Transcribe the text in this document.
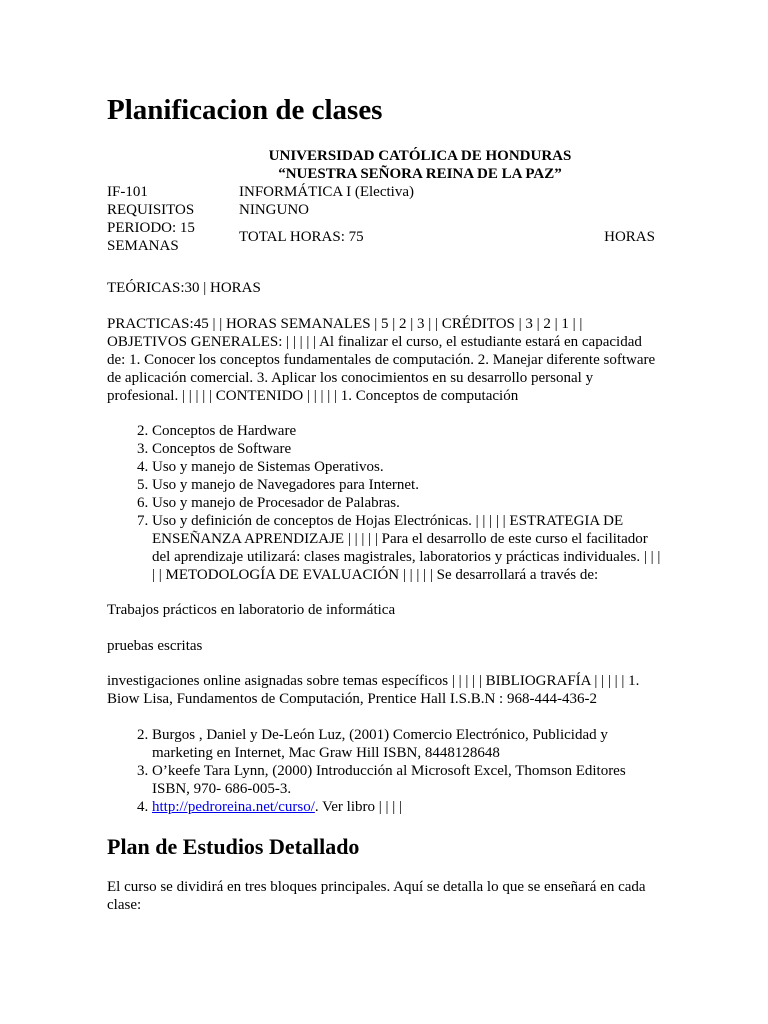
Planificacion de clases
UNIVERSIDAD CATÓLICA DE HONDURAS
“NUESTRA SEÑORA REINA DE LA PAZ”
IF-101	INFORMÁTICA I (Electiva)	
REQUISITOS	NINGUNO	
PERIODO: 15 SEMANAS	TOTAL HORAS: 75	HORAS

TEÓRICAS:30 | HORAS

PRACTICAS:45 | | HORAS SEMANALES | 5 | 2 | 3 | | CRÉDITOS | 3 | 2 | 1 | | OBJETIVOS GENERALES: | | | | | Al finalizar el curso, el estudiante estará en capacidad de: 1. Conocer los conceptos fundamentales de computación. 2. Manejar diferente software de aplicación comercial. 3. Aplicar los conocimientos en su desarrollo personal y profesional. | | | | | CONTENIDO | | | | | 1. Conceptos de computación

2. Conceptos de Hardware
3. Conceptos de Software
4. Uso y manejo de Sistemas Operativos.
5. Uso y manejo de Navegadores para Internet.
6. Uso y manejo de Procesador de Palabras.
7. Uso y definición de conceptos de Hojas Electrónicas. | | | | | ESTRATEGIA DE ENSEÑANZA APRENDIZAJE | | | | | Para el desarrollo de este curso el facilitador del aprendizaje utilizará: clases magistrales, laboratorios y prácticas individuales. | | | | | METODOLOGÍA DE EVALUACIÓN | | | | | Se desarrollará a través de:

Trabajos prácticos en laboratorio de informática

pruebas escritas

investigaciones online asignadas sobre temas específicos | | | | | BIBLIOGRAFÍA | | | | | 1. Biow Lisa, Fundamentos de Computación, Prentice Hall I.S.B.N : 968-444-436-2

2. Burgos , Daniel y De-León Luz, (2001) Comercio Electrónico, Publicidad y marketing en Internet, Mac Graw Hill ISBN, 8448128648
3. O’keefe Tara Lynn, (2000) Introducción al Microsoft Excel, Thomson Editores ISBN, 970- 686-005-3.
4. http://pedroreina.net/curso/. Ver libro | | | |
Plan de Estudios Detallado

El curso se dividirá en tres bloques principales. Aquí se detalla lo que se enseñará en cada clase:
